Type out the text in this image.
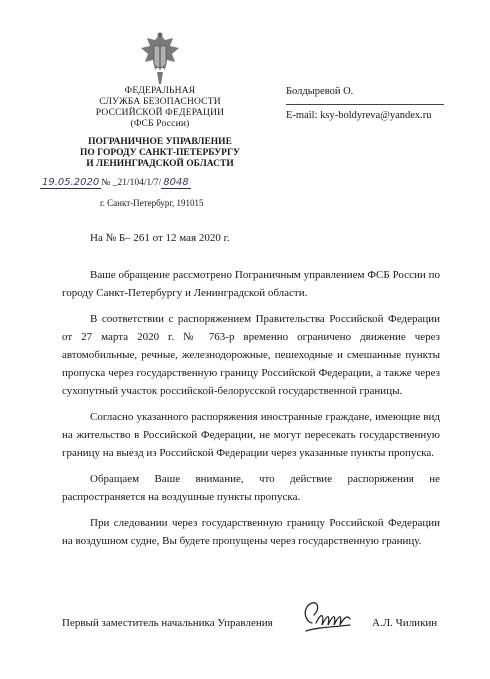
ФЕДЕРАЛЬНАЯ
СЛУЖБА БЕЗОПАСНОСТИ
РОССИЙСКОЙ ФЕДЕРАЦИИ
(ФСБ России)
ПОГРАНИЧНОЕ УПРАВЛЕНИЕ
ПО ГОРОДУ САНКТ-ПЕТЕРБУРГУ
И ЛЕНИНГРАДСКОЙ ОБЛАСТИ
19.05.2020 № _21/104/1/7/ 8048
г. Санкт-Петербург, 191015
Болдыревой О.
E-mail: ksy-boldyreva@yandex.ru
На № Б– 261 от 12 мая 2020 г.

Ваше обращение рассмотрено Пограничным управлением ФСБ России по городу Санкт-Петербургу и Ленинградской области.

В соответствии с распоряжением Правительства Российской Федерации от 27 марта 2020 г. № 763-р временно ограничено движение через автомобильные, речные, железнодорожные, пешеходные и смешанные пункты пропуска через государственную границу Российской Федерации, а также через сухопутный участок российской-белорусской государственной границы.

Согласно указанного распоряжения иностранные граждане, имеющие вид на жительство в Российской Федерации, не могут пересекать государственную границу на выезд из Российской Федерации через указанные пункты пропуска.

Обращаем Ваше внимание, что действие распоряжения не распространяется на воздушные пункты пропуска.

При следовании через государственную границу Российской Федерации на воздушном судне, Вы будете пропущены через государственную границу.

Первый заместитель начальника Управления	А.Л. Чиликин
